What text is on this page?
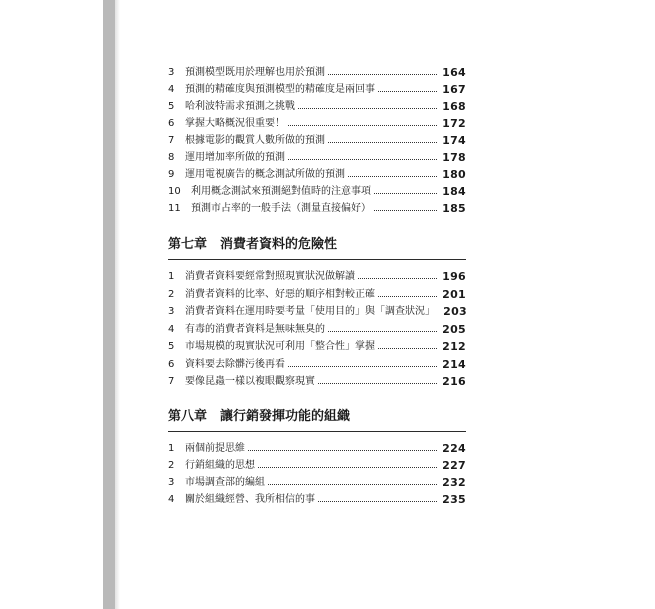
3	預測模型既用於理解也用於預測	164
4	預測的精確度與預測模型的精確度是兩回事	167
5	哈利波特需求預測之挑戰	168
6	掌握大略概況很重要！	172
7	根據電影的觀賞人數所做的預測	174
8	運用增加率所做的預測	178
9	運用電視廣告的概念測試所做的預測	180
10	利用概念測試來預測絕對值時的注意事項	184
11	預測市占率的一般手法（測量直接偏好）	185
第七章　消費者資料的危險性
1	消費者資料要經常對照現實狀況做解讀	196
2	消費者資料的比率、好惡的順序相對較正確	201
3	消費者資料在運用時要考量「使用目的」與「調查狀況」 203
4	有毒的消費者資料是無味無臭的	205
5	市場規模的現實狀況可利用「整合性」掌握	212
6	資料要去除髒污後再看	214
7	要像昆蟲一樣以複眼觀察現實	216
第八章　讓行銷發揮功能的組織
1	兩個前提思維	224
2	行銷組織的思想	227
3	市場調查部的編組	232
4	關於組織經營、我所相信的事	235
